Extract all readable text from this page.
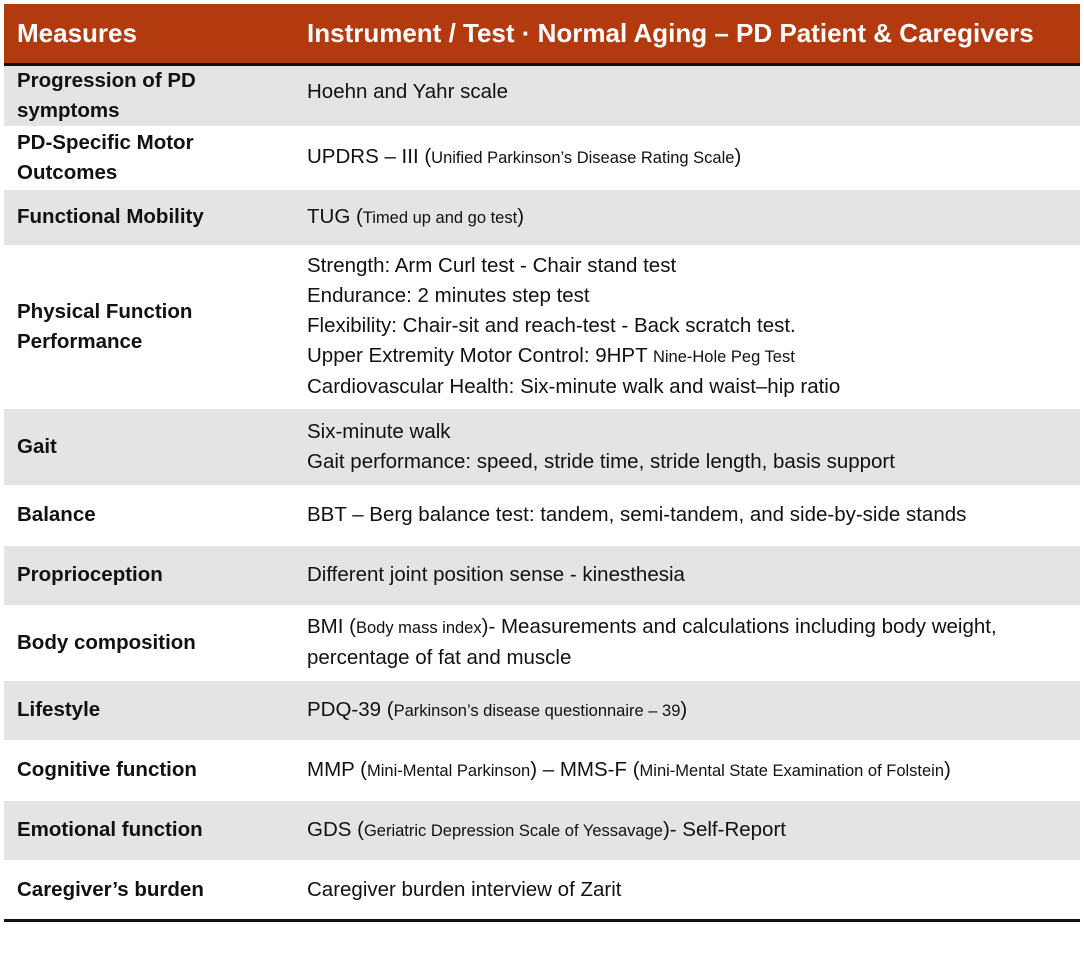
Measures	Instrument / Test · Normal Aging – PD Patient & Caregivers
Progression of PD symptoms	Hoehn and Yahr scale
PD-Specific Motor Outcomes	UPDRS – III (Unified Parkinson’s Disease Rating Scale)
Functional Mobility	TUG (Timed up and go test)
Physical Function Performance	Strength: Arm Curl test - Chair stand test
Endurance: 2 minutes step test
Flexibility: Chair-sit and reach-test - Back scratch test.
Upper Extremity Motor Control: 9HPT Nine-Hole Peg Test
Cardiovascular Health: Six-minute walk and waist–hip ratio

Gait	Six-minute walk
Gait performance: speed, stride time, stride length, basis support

Balance	BBT – Berg balance test: tandem, semi-tandem, and side-by-side stands
Proprioception	Different joint position sense - kinesthesia
Body composition	BMI (Body mass index)- Measurements and calculations including body weight, percentage of fat and muscle
Lifestyle	PDQ-39 (Parkinson’s disease questionnaire – 39)
Cognitive function	MMP (Mini-Mental Parkinson) – MMS-F (Mini-Mental State Examination of Folstein)
Emotional function	GDS (Geriatric Depression Scale of Yessavage)- Self-Report
Caregiver’s burden	Caregiver burden interview of Zarit
